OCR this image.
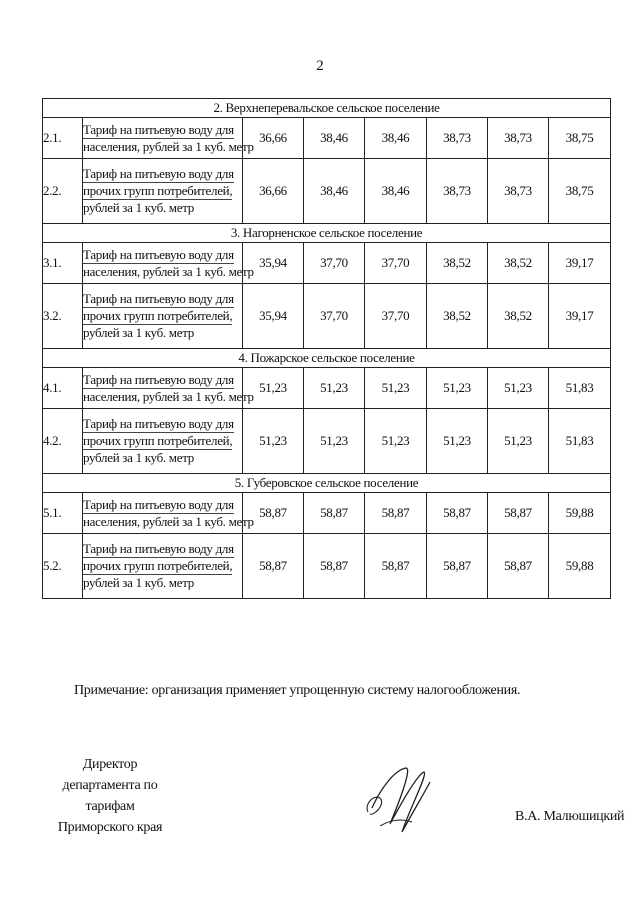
2
2. Верхнеперевальское сельское поселение							
2.1.	Тариф на питьевую воду для
населения, рублей за 1 куб. метр	36,66	38,46	38,46	38,73	38,73	38,75
2.2.	Тариф на питьевую воду для
прочих групп потребителей,
рублей за 1 куб. метр	36,66	38,46	38,46	38,73	38,73	38,75
3. Нагорненское сельское поселение							
3.1.	Тариф на питьевую воду для
населения, рублей за 1 куб. метр	35,94	37,70	37,70	38,52	38,52	39,17
3.2.	Тариф на питьевую воду для
прочих групп потребителей,
рублей за 1 куб. метр	35,94	37,70	37,70	38,52	38,52	39,17
4. Пожарское сельское поселение							
4.1.	Тариф на питьевую воду для
населения, рублей за 1 куб. метр	51,23	51,23	51,23	51,23	51,23	51,83
4.2.	Тариф на питьевую воду для
прочих групп потребителей,
рублей за 1 куб. метр	51,23	51,23	51,23	51,23	51,23	51,83
5. Губеровское сельское поселение							
5.1.	Тариф на питьевую воду для
населения, рублей за 1 куб. метр	58,87	58,87	58,87	58,87	58,87	59,88
5.2.	Тариф на питьевую воду для
прочих групп потребителей,
рублей за 1 куб. метр	58,87	58,87	58,87	58,87	58,87	59,88
Примечание: организация применяет упрощенную систему налогообложения.
Директор
департамента по тарифам
Приморского края
В.А. Малюшицкий
